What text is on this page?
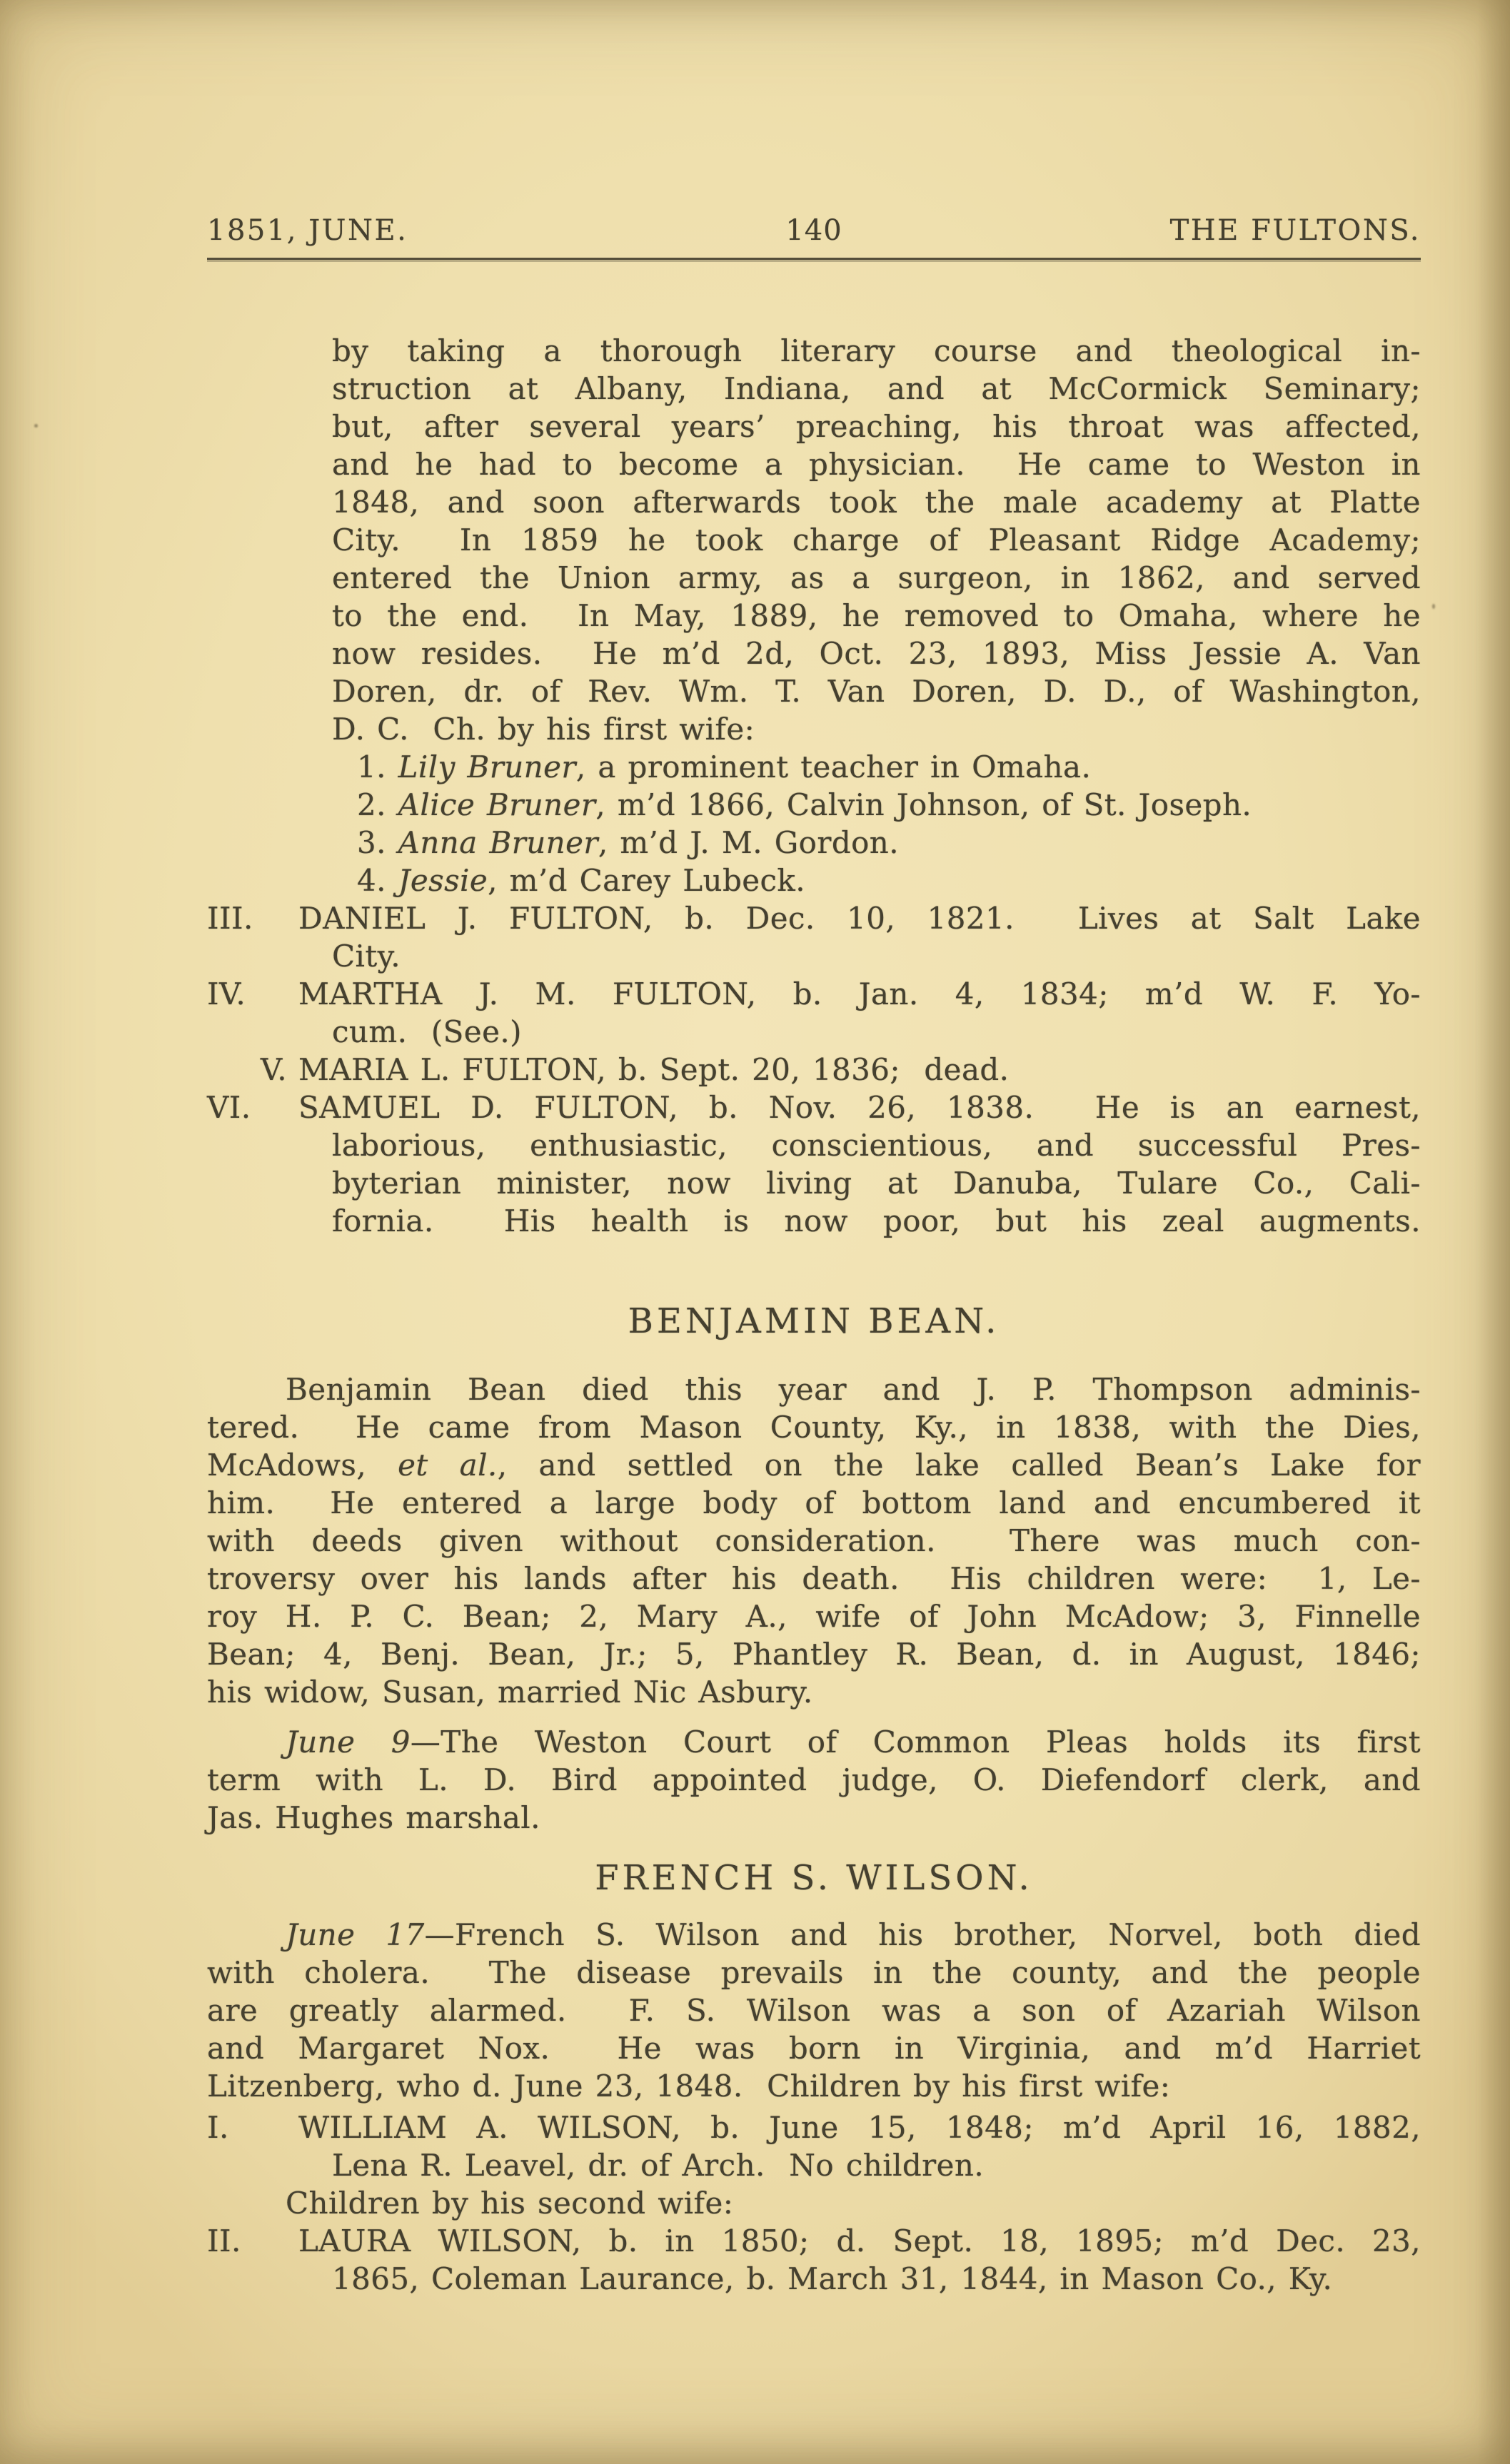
1851, JUNE.	140	THE FULTONS.
by taking a thorough literary course and theological in-
struction at Albany, Indiana, and at McCormick Seminary;
but, after several years’ preaching, his throat was affected,
and he had to become a physician.  He came to Weston in
1848, and soon afterwards took the male academy at Platte
City.  In 1859 he took charge of Pleasant Ridge Academy;
entered the Union army, as a surgeon, in 1862, and served
to the end.  In May, 1889, he removed to Omaha, where he
now resides.  He m’d 2d, Oct. 23, 1893, Miss Jessie A. Van
Doren, dr. of Rev. Wm. T. Van Doren, D. D., of Washington,
D. C.  Ch. by his first wife:
1. Lily Bruner, a prominent teacher in Omaha.
2. Alice Bruner, m’d 1866, Calvin Johnson, of St. Joseph.
3. Anna Bruner, m’d J. M. Gordon.
4. Jessie, m’d Carey Lubeck.
III. DANIEL J. FULTON, b. Dec. 10, 1821.  Lives at Salt Lake
City.
IV. MARTHA J. M. FULTON, b. Jan. 4, 1834; m’d W. F. Yo-
cum.  (See.)
V. MARIA L. FULTON, b. Sept. 20, 1836;  dead.
VI. SAMUEL D. FULTON, b. Nov. 26, 1838.  He is an earnest,
laborious, enthusiastic, conscientious, and successful Pres-
byterian minister, now living at Danuba, Tulare Co., Cali-
fornia.  His health is now poor, but his zeal augments.
BENJAMIN BEAN.
Benjamin Bean died this year and J. P. Thompson adminis-
tered.  He came from Mason County, Ky., in 1838, with the Dies,
McAdows, et al., and settled on the lake called Bean’s Lake for
him.  He entered a large body of bottom land and encumbered it
with deeds given without consideration.  There was much con-
troversy over his lands after his death.  His children were:  1, Le-
roy H. P. C. Bean; 2, Mary A., wife of John McAdow; 3, Finnelle
Bean; 4, Benj. Bean, Jr.; 5, Phantley R. Bean, d. in August, 1846;
his widow, Susan, married Nic Asbury.
June 9—The Weston Court of Common Pleas holds its first
term with L. D. Bird appointed judge, O. Diefendorf clerk, and
Jas. Hughes marshal.
FRENCH S. WILSON.
June 17—French S. Wilson and his brother, Norvel, both died
with cholera.  The disease prevails in the county, and the people
are greatly alarmed.  F. S. Wilson was a son of Azariah Wilson
and Margaret Nox.  He was born in Virginia, and m’d Harriet
Litzenberg, who d. June 23, 1848.  Children by his first wife:
I. WILLIAM A. WILSON, b. June 15, 1848; m’d April 16, 1882,
Lena R. Leavel, dr. of Arch.  No children.
Children by his second wife:
II. LAURA WILSON, b. in 1850; d. Sept. 18, 1895; m’d Dec. 23,
1865, Coleman Laurance, b. March 31, 1844, in Mason Co., Ky.
